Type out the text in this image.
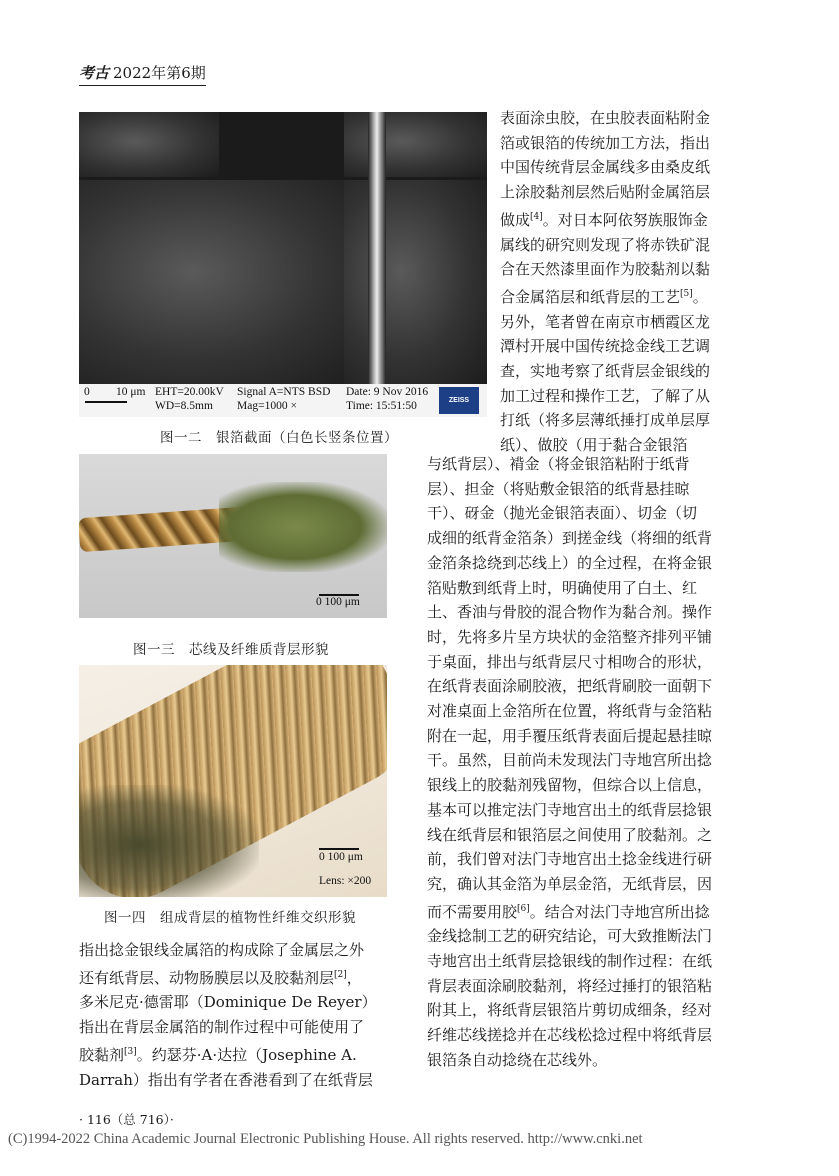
考古 2022年第6期
0 10 μm EHT=20.00kV
WD=8.5mm
Signal A=NTS BSD
Mag=1000 ×
Date: 9 Nov 2016
Time: 15:51:50	ZEISS
图一二　银箔截面（白色长竖条位置）
0 100 μm
图一三　芯线及纤维质背层形貌
0 100 μm
Lens: ×200
图一四　组成背层的植物性纤维交织形貌
表面涂虫胶，在虫胶表面粘附金
箔或银箔的传统加工方法，指出
中国传统背层金属线多由桑皮纸
上涂胶黏剂层然后贴附金属箔层
做成[4]。对日本阿依努族服饰金
属线的研究则发现了将赤铁矿混
合在天然漆里面作为胶黏剂以黏
合金属箔层和纸背层的工艺[5]。
另外，笔者曾在南京市栖霞区龙
潭村开展中国传统捻金线工艺调
查，实地考察了纸背层金银线的
加工过程和操作工艺，了解了从
打纸（将多层薄纸捶打成单层厚
纸）、做胶（用于黏合金银箔
与纸背层）、褙金（将金银箔粘附于纸背
层）、担金（将贴敷金银箔的纸背悬挂晾
干）、砑金（抛光金银箔表面）、切金（切
成细的纸背金箔条）到搓金线（将细的纸背
金箔条捻绕到芯线上）的全过程，在将金银
箔贴敷到纸背上时，明确使用了白土、红
土、香油与骨胶的混合物作为黏合剂。操作
时，先将多片呈方块状的金箔整齐排列平铺
于桌面，排出与纸背层尺寸相吻合的形状，
在纸背表面涂刷胶液，把纸背刷胶一面朝下
对准桌面上金箔所在位置，将纸背与金箔粘
附在一起，用手覆压纸背表面后提起悬挂晾
干。虽然，目前尚未发现法门寺地宫所出捻
银线上的胶黏剂残留物，但综合以上信息，
基本可以推定法门寺地宫出土的纸背层捻银
线在纸背层和银箔层之间使用了胶黏剂。之
前，我们曾对法门寺地宫出土捻金线进行研
究，确认其金箔为单层金箔，无纸背层，因
而不需要用胶[6]。结合对法门寺地宫所出捻
金线捻制工艺的研究结论，可大致推断法门
寺地宫出土纸背层捻银线的制作过程：在纸
背层表面涂刷胶黏剂，将经过捶打的银箔粘
附其上，将纸背层银箔片剪切成细条，经对
纤维芯线搓捻并在芯线松捻过程中将纸背层
银箔条自动捻绕在芯线外。
指出捻金银线金属箔的构成除了金属层之外
还有纸背层、动物肠膜层以及胶黏剂层[2]，
多米尼克·德雷耶（Dominique De Reyer）
指出在背层金属箔的制作过程中可能使用了
胶黏剂[3]。约瑟芬·A·达拉（Josephine A.
Darrah）指出有学者在香港看到了在纸背层
· 116（总 716）·
(C)1994-2022 China Academic Journal Electronic Publishing House. All rights reserved. http://www.cnki.net
